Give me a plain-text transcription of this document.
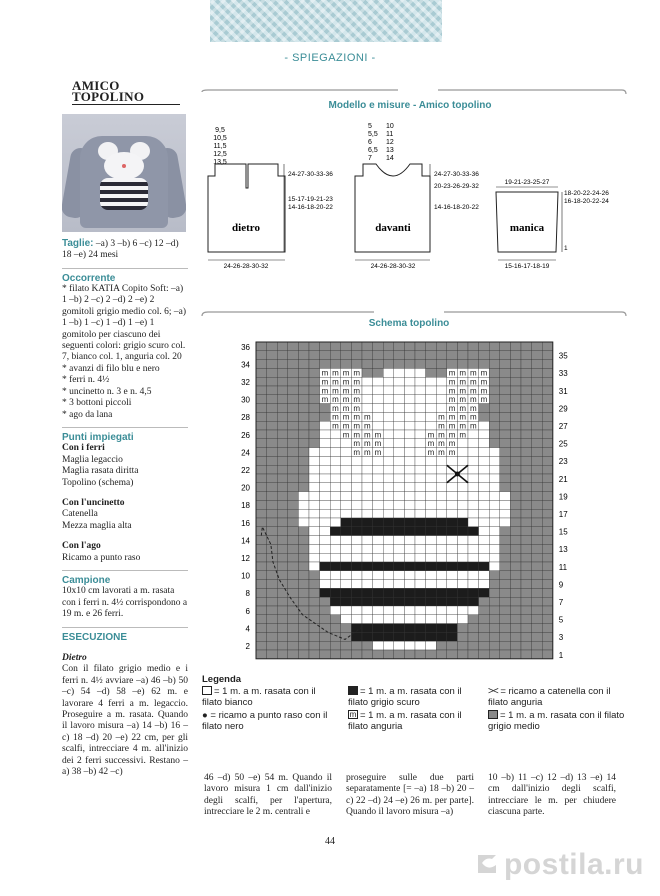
- SPIEGAZIONI -
AMICO TOPOLINO

Taglie: –a) 3 –b) 6 –c) 12 –d) 18 –e) 24 mesi

Occorrente

* filato KATIA Copito Soft: –a) 1 –b) 2 –c) 2 –d) 2 –e) 2 gomitoli grigio medio col. 6; –a) 1 –b) 1 –c) 1 –d) 1 –e) 1 gomitolo per ciascuno dei seguenti colori: grigio scuro col. 7, bianco col. 1, anguria col. 20

* avanzi di filo blu e nero

* ferri n. 4½

* uncinetto n. 3 e n. 4,5

* 3 bottoni piccoli

* ago da lana

Punti impiegati

Con i ferri

Maglia legaccio

Maglia rasata diritta

Topolino (schema)

Con l'uncinetto

Catenella

Mezza maglia alta

Con l'ago

Ricamo a punto raso

Campione

10x10 cm lavorati a m. rasata con i ferri n. 4½ corrispondono a 19 m. e 26 ferri.

ESECUZIONE

Dietro

Con il filato grigio medio e i ferri n. 4½ avviare –a) 46 –b) 50 –c) 54 –d) 58 –e) 62 m. e lavorare 4 ferri a m. legaccio. Proseguire a m. rasata. Quando il lavoro misura –a) 14 –b) 16 –c) 18 –d) 20 –e) 22 cm, per gli scalfi, intrecciare 4 m. all'inizio dei 2 ferri successivi. Restano –a) 38 –b) 42 –c)

Modello e misure - Amico topolino
dietro
9,5
10,5
11,5
12,5
13,5
24-27-30-33-36
15-17-19-21-23
14-16-18-20-22
24-26-28-30-32
davanti
5
5,5
6
6,5
7
10
11
12
13
14
24-27-30-33-36
20-23-26-29-32
14-16-18-20-22
24-26-28-30-32
manica
19-21-23-25-27
18-20-22-24-26
16-18-20-22-24
1
15-16-17-18-19
Schema topolino
m m m m	m m m m
m m m m	m m m m
m m m m	m m m m
m m m m	m m m m
m m m	m m m
m m m m	m m m m
m m m m	m m m m
m m m m	m m m m
m m m	m m m
m m m	m m m
36
34
32
30
28
26
24
22
20
18
16
14
12
10
8
6
4
2
35
33
31
29
27
25
23
21
19
17
15
13
11
9
7
5
3
1
Legenda
= 1 m. a m. rasata con il filato bianco
= 1 m. a m. rasata con il filato grigio scuro
>< = ricamo a catenella con il filato anguria
● = ricamo a punto raso con il filato nero
m = 1 m. a m. rasata con il filato anguria
= 1 m. a m. rasata con il filato grigio medio
46 –d) 50 –e) 54 m. Quando il lavoro misura 1 cm dall'inizio degli scalfi, per l'apertura, intrecciare le 2 m. centrali e
proseguire sulle due parti separatamente [= –a) 18 –b) 20 –c) 22 –d) 24 –e) 26 m. per parte]. Quando il lavoro misura –a)
10 –b) 11 –c) 12 –d) 13 –e) 14 cm dall'inizio degli scalfi, intrecciare le m. per chiudere ciascuna parte.
44
postila.ru
